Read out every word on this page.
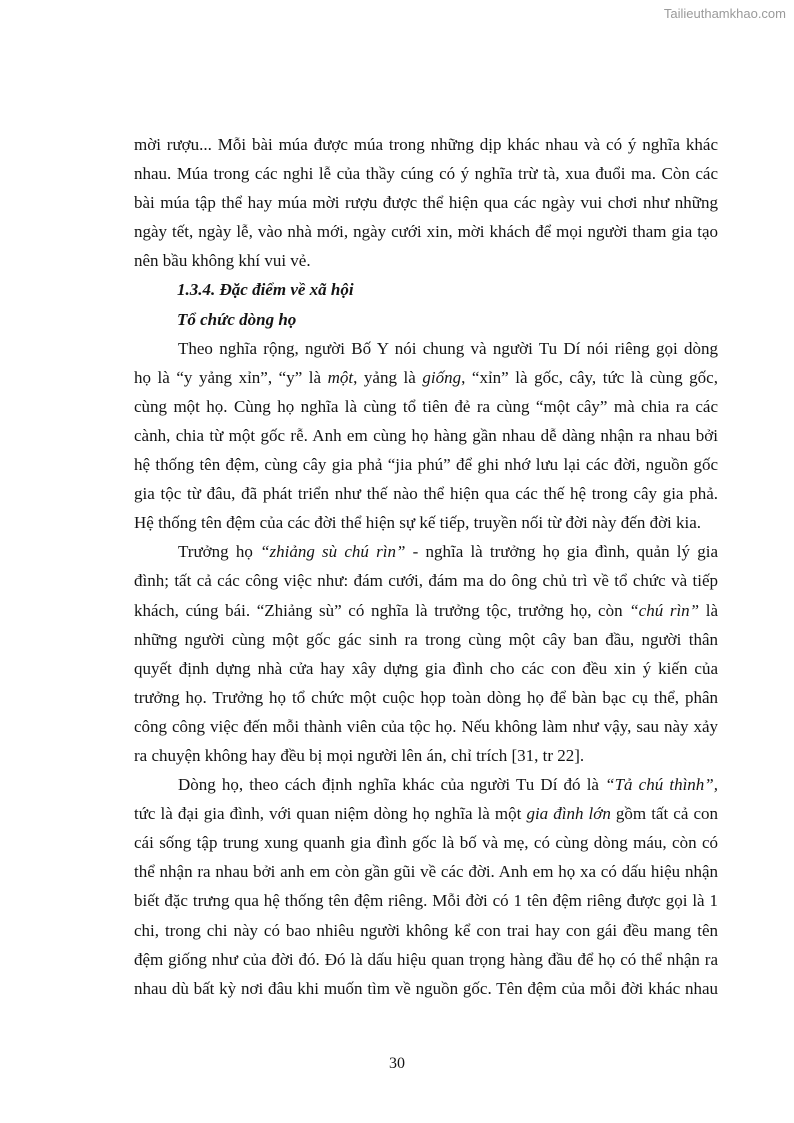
Tailieuthamkhao.com
mời rượu... Mỗi bài múa được múa trong những dịp khác nhau và có ý nghĩa khác
nhau. Múa trong các nghi lễ của thầy cúng có ý nghĩa trừ tà, xua đuổi ma. Còn các
bài múa tập thể hay múa mời rượu được thể hiện qua các ngày vui chơi như những
ngày tết, ngày lễ, vào nhà mới, ngày cưới xin, mời khách để mọi người tham gia tạo
nên bầu không khí vui vẻ.
1.3.4. Đặc điểm về xã hội
Tổ chức dòng họ
Theo nghĩa rộng, người Bố Y nói chung và người Tu Dí nói riêng gọi dòng
họ là “y yảng xỉn”, “y” là một, yảng là giống, “xỉn” là gốc, cây, tức là cùng gốc,
cùng một họ. Cùng họ nghĩa là cùng tổ tiên đẻ ra cùng “một cây” mà chia ra các
cành, chia từ một gốc rễ. Anh em cùng họ hàng gần nhau dễ dàng nhận ra nhau bởi
hệ thống tên đệm, cùng cây gia phả “jia phú” để ghi nhớ lưu lại các đời, nguồn gốc
gia tộc từ đâu, đã phát triển như thế nào thể hiện qua các thế hệ trong cây gia phả.
Hệ thống tên đệm của các đời thể hiện sự kế tiếp, truyền nối từ đời này đến đời kia.
Trưởng họ “zhiảng sù chú rìn” - nghĩa là trưởng họ gia đình, quản lý gia
đình; tất cả các công việc như: đám cưới, đám ma do ông chủ trì về tổ chức và tiếp
khách, cúng bái. “Zhiảng sù” có nghĩa là trưởng tộc, trưởng họ, còn “chú rìn” là
những người cùng một gốc gác sinh ra trong cùng một cây ban đầu, người thân
quyết định dựng nhà cửa hay xây dựng gia đình cho các con đều xin ý kiến của
trưởng họ. Trưởng họ tổ chức một cuộc họp toàn dòng họ để bàn bạc cụ thể, phân
công công việc đến mỗi thành viên của tộc họ. Nếu không làm như vậy, sau này xảy
ra chuyện không hay đều bị mọi người lên án, chỉ trích [31, tr 22].
Dòng họ, theo cách định nghĩa khác của người Tu Dí đó là “Tả chú thình”,
tức là đại gia đình, với quan niệm dòng họ nghĩa là một gia đình lớn gồm tất cả con
cái sống tập trung xung quanh gia đình gốc là bố và mẹ, có cùng dòng máu, còn có
thể nhận ra nhau bởi anh em còn gần gũi về các đời. Anh em họ xa có dấu hiệu nhận
biết đặc trưng qua hệ thống tên đệm riêng. Mỗi đời có 1 tên đệm riêng được gọi là 1
chi, trong chi này có bao nhiêu người không kể con trai hay con gái đều mang tên
đệm giống như của đời đó. Đó là dấu hiệu quan trọng hàng đầu để họ có thể nhận ra
nhau dù bất kỳ nơi đâu khi muốn tìm về nguồn gốc. Tên đệm của mỗi đời khác nhau
30
